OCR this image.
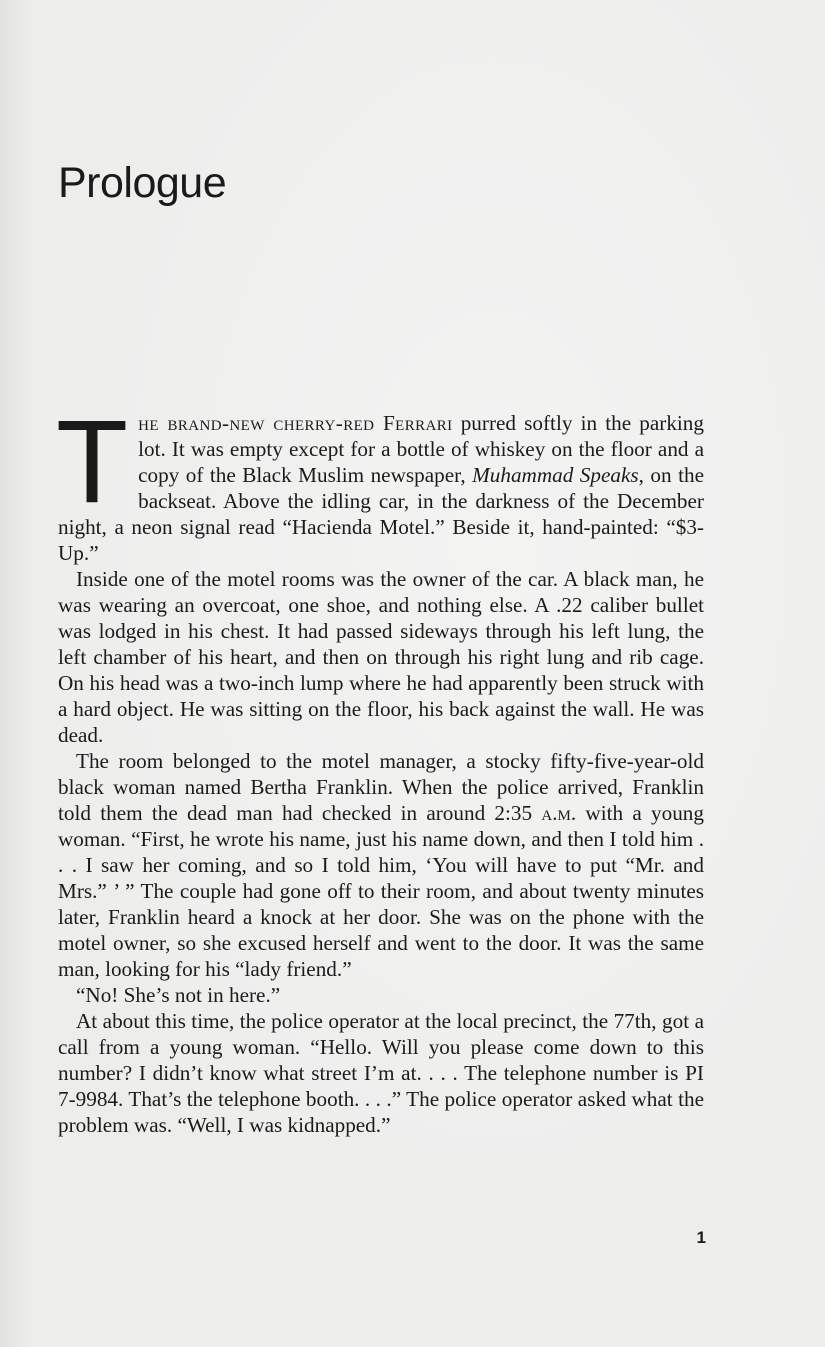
Prologue

The brand-new cherry-red Ferrari purred softly in the parking lot. It was empty except for a bottle of whiskey on the floor and a copy of the Black Muslim newspaper, Muhammad Speaks, on the backseat. Above the idling car, in the darkness of the December night, a neon signal read “Hacienda Motel.” Beside it, hand-painted: “$3-Up.”

Inside one of the motel rooms was the owner of the car. A black man, he was wearing an overcoat, one shoe, and nothing else. A .22 caliber bullet was lodged in his chest. It had passed sideways through his left lung, the left chamber of his heart, and then on through his right lung and rib cage. On his head was a two-inch lump where he had apparently been struck with a hard object. He was sitting on the floor, his back against the wall. He was dead.

The room belonged to the motel manager, a stocky fifty-five-year-old black woman named Bertha Franklin. When the police arrived, Franklin told them the dead man had checked in around 2:35 a.m. with a young woman. “First, he wrote his name, just his name down, and then I told him . . . I saw her coming, and so I told him, ‘You will have to put “Mr. and Mrs.” ’ ” The couple had gone off to their room, and about twenty minutes later, Franklin heard a knock at her door. She was on the phone with the motel owner, so she excused herself and went to the door. It was the same man, looking for his “lady friend.”

“No! She’s not in here.”

At about this time, the police operator at the local precinct, the 77th, got a call from a young woman. “Hello. Will you please come down to this number? I didn’t know what street I’m at. . . . The telephone number is PI 7-9984. That’s the telephone booth. . . .” The police operator asked what the problem was. “Well, I was kidnapped.”

1
